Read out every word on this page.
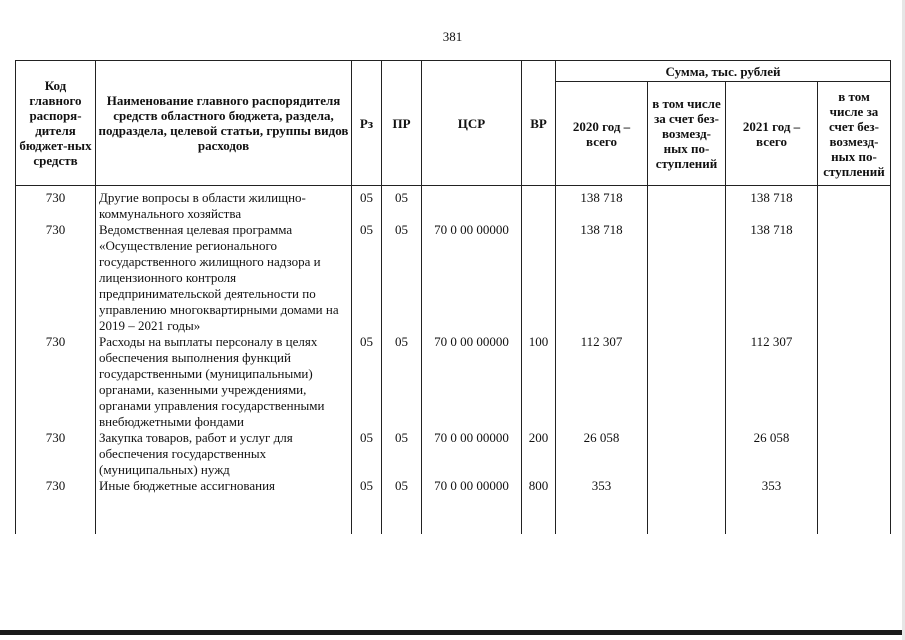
381
Код главного распоря-дителя бюджет-ных средств	Наименование главного распорядителя средств областного бюджета, раздела, подраздела, целевой статьи, группы видов расходов	Рз	ПР	ЦСР	ВР	Сумма, тыс. рублей			
						2020 год – всего	в том числе за счет без-возмезд-ных по-ступлений	2021 год – всего	в том числе за счет без-возмезд-ных по-ступлений
730	Другие вопросы в области жилищно-коммунального хозяйства	05	05			138 718		138 718	
730	Ведомственная целевая программа «Осуществление регионального государственного жилищного надзора и лицензионного контроля предпринимательской деятельности по управлению многоквартирными домами на 2019 – 2021 годы»	05	05	70 0 00 00000		138 718		138 718	
730	Расходы на выплаты персоналу в целях обеспечения выполнения функций государственными (муниципальными) органами, казенными учреждениями, органами управления государственными внебюджетными фондами	05	05	70 0 00 00000	100	112 307		112 307	
730	Закупка товаров, работ и услуг для обеспечения государственных (муниципальных) нужд	05	05	70 0 00 00000	200	26 058		26 058	
730	Иные бюджетные ассигнования	05	05	70 0 00 00000	800	353		353	
